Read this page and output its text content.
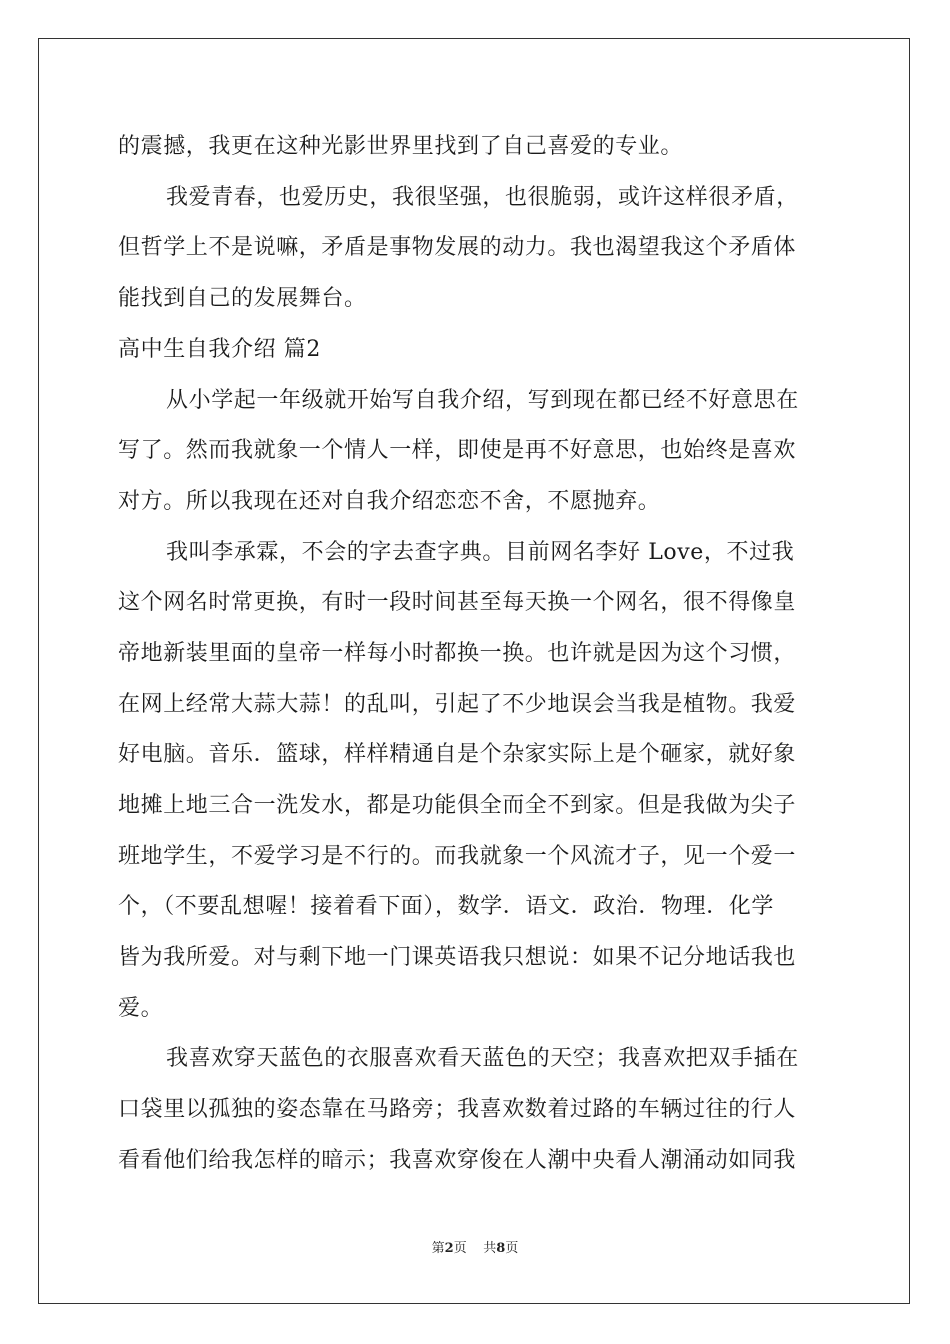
的震撼，我更在这种光影世界里找到了自己喜爱的专业。
我爱青春，也爱历史，我很坚强，也很脆弱，或许这样很矛盾，
但哲学上不是说嘛，矛盾是事物发展的动力。我也渴望我这个矛盾体
能找到自己的发展舞台。
高中生自我介绍 篇2
从小学起一年级就开始写自我介绍，写到现在都已经不好意思在
写了。然而我就象一个情人一样，即使是再不好意思，也始终是喜欢
对方。所以我现在还对自我介绍恋恋不舍，不愿抛弃。
我叫李承霖，不会的字去查字典。目前网名李好 Love，不过我
这个网名时常更换，有时一段时间甚至每天换一个网名，很不得像皇
帝地新装里面的皇帝一样每小时都换一换。也许就是因为这个习惯，
在网上经常大蒜大蒜！的乱叫，引起了不少地误会当我是植物。我爱
好电脑。音乐．篮球，样样精通自是个杂家实际上是个砸家，就好象
地摊上地三合一洗发水，都是功能俱全而全不到家。但是我做为尖子
班地学生，不爱学习是不行的。而我就象一个风流才子，见一个爱一
个，（不要乱想喔！接着看下面），数学．语文．政治．物理．化学
皆为我所爱。对与剩下地一门课英语我只想说：如果不记分地话我也
爱。
我喜欢穿天蓝色的衣服喜欢看天蓝色的天空；我喜欢把双手插在
口袋里以孤独的姿态靠在马路旁；我喜欢数着过路的车辆过往的行人
看看他们给我怎样的暗示；我喜欢穿俊在人潮中央看人潮涌动如同我
第2页 共8页
